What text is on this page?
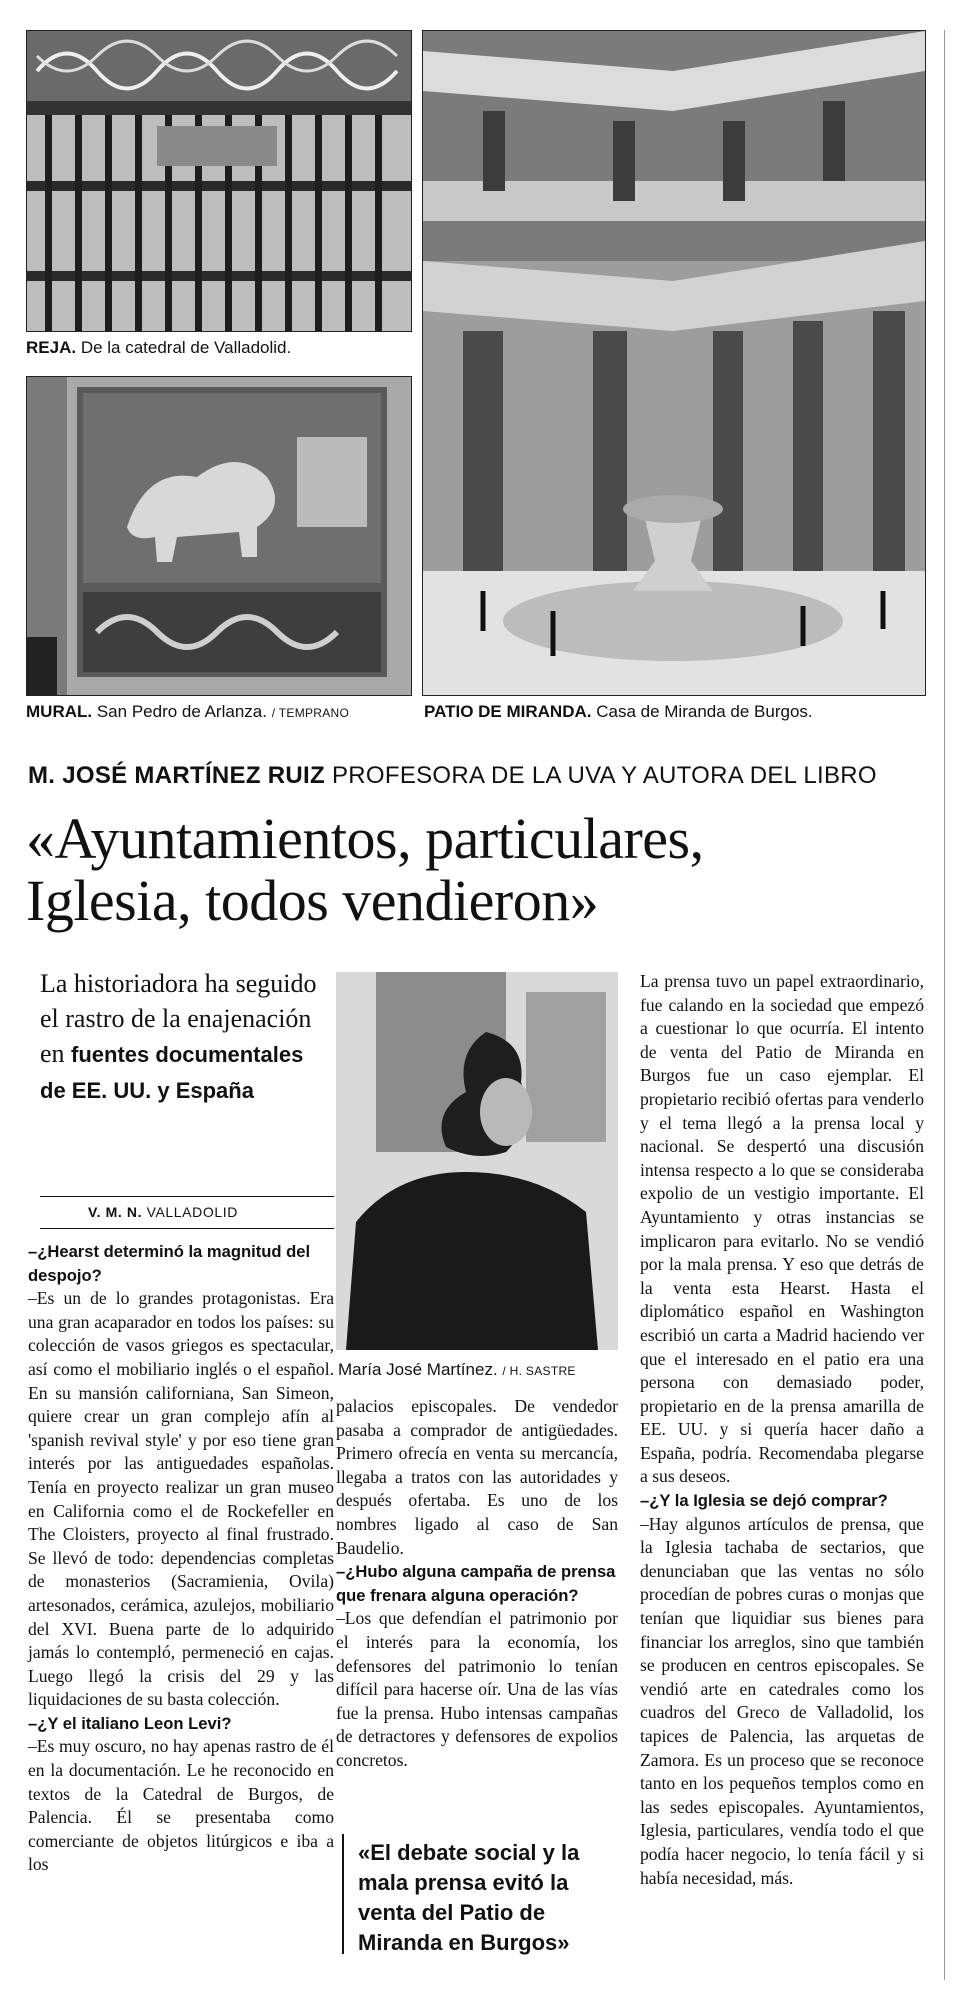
REJA. De la catedral de Valladolid.
MURAL. San Pedro de Arlanza. / TEMPRANO	PATIO DE MIRANDA. Casa de Miranda de Burgos.
M. JOSÉ MARTÍNEZ RUIZ PROFESORA DE LA UVA Y AUTORA DEL LIBRO
«Ayuntamientos, particulares,
Iglesia, todos vendieron»
La historiadora ha seguido el rastro de la enajenación en fuentes documentales de EE. UU. y España
V. M. N. VALLADOLID

–¿Hearst determinó la magnitud del despojo?

–Es un de lo grandes protagonistas. Era una gran acaparador en todos los países: su colección de vasos griegos es spectacular, así como el mobiliario inglés o el español. En su mansión californiana, San Simeon, quiere crear un gran complejo afín al 'spanish revival style' y por eso tiene gran interés por las antiguedades españolas. Tenía en proyecto realizar un gran museo en California como el de Rockefeller en The Cloisters, proyecto al final frustrado. Se llevó de todo: dependencias completas de monasterios (Sacramienia, Ovila) artesonados, cerámica, azulejos, mobiliario del XVI. Buena parte de lo adquirido jamás lo contempló, permeneció en cajas. Luego llegó la crisis del 29 y las liquidaciones de su basta colección.

–¿Y el italiano Leon Levi?

–Es muy oscuro, no hay apenas rastro de él en la documentación. Le he reconocido en textos de la Catedral de Burgos, de Palencia. Él se presentaba como comerciante de objetos litúrgicos e iba a los

María José Martínez. / H. SASTRE

palacios episcopales. De vendedor pasaba a comprador de antigüedades. Primero ofrecía en venta su mercancía, llegaba a tratos con las autoridades y después ofertaba. Es uno de los nombres ligado al caso de San Baudelio.

–¿Hubo alguna campaña de prensa que frenara alguna operación?

–Los que defendían el patrimonio por el interés para la economía, los defensores del patrimonio lo tenían difícil para hacerse oír. Una de las vías fue la prensa. Hubo intensas campañas de detractores y defensores de expolios concretos.

«El debate social y la mala prensa evitó la venta del Patio de Miranda en Burgos»

La prensa tuvo un papel extraordinario, fue calando en la sociedad que empezó a cuestionar lo que ocurría. El intento de venta del Patio de Miranda en Burgos fue un caso ejemplar. El propietario recibió ofertas para venderlo y el tema llegó a la prensa local y nacional. Se despertó una discusión intensa respecto a lo que se consideraba expolio de un vestigio importante. El Ayuntamiento y otras instancias se implicaron para evitarlo. No se vendió por la mala prensa. Y eso que detrás de la venta esta Hearst. Hasta el diplomático español en Washington escribió un carta a Madrid haciendo ver que el interesado en el patio era una persona con demasiado poder, propietario en de la prensa amarilla de EE. UU. y si quería hacer daño a España, podría. Recomendaba plegarse a sus deseos.

–¿Y la Iglesia se dejó comprar?

–Hay algunos artículos de prensa, que la Iglesia tachaba de sectarios, que denunciaban que las ventas no sólo procedían de pobres curas o monjas que tenían que liquidiar sus bienes para financiar los arreglos, sino que también se producen en centros episcopales. Se vendió arte en catedrales como los cuadros del Greco de Valladolid, los tapices de Palencia, las arquetas de Zamora. Es un proceso que se reconoce tanto en los pequeños templos como en las sedes episcopales. Ayuntamientos, Iglesia, particulares, vendía todo el que podía hacer negocio, lo tenía fácil y si había necesidad, más.
